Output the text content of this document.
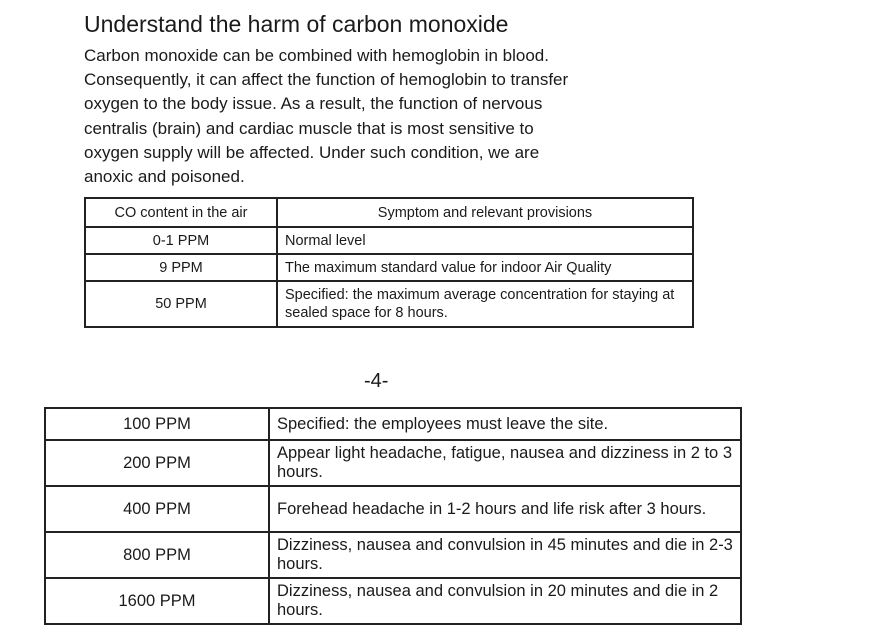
Understand the harm of carbon monoxide
Carbon monoxide can be combined with hemoglobin in blood.
Consequently, it can affect the function of hemoglobin to transfer
oxygen to the body issue. As a result, the function of nervous
centralis (brain) and cardiac muscle that is most sensitive to
oxygen supply will be affected. Under such condition, we are
anoxic and poisoned.
CO content in the air	Symptom and relevant provisions
0-1 PPM	Normal level
9 PPM	The maximum standard value for indoor Air Quality
50 PPM	Specified: the maximum average concentration for staying at sealed space for 8 hours.
-4-
100 PPM	Specified: the employees must leave the site.
200 PPM	Appear light headache, fatigue, nausea and dizziness in 2 to 3 hours.
400 PPM	Forehead headache in 1-2 hours and life risk after 3 hours.
800 PPM	Dizziness, nausea and convulsion in 45 minutes and die in 2-3 hours.
1600 PPM	Dizziness, nausea and convulsion in 20 minutes and die in 2 hours.
